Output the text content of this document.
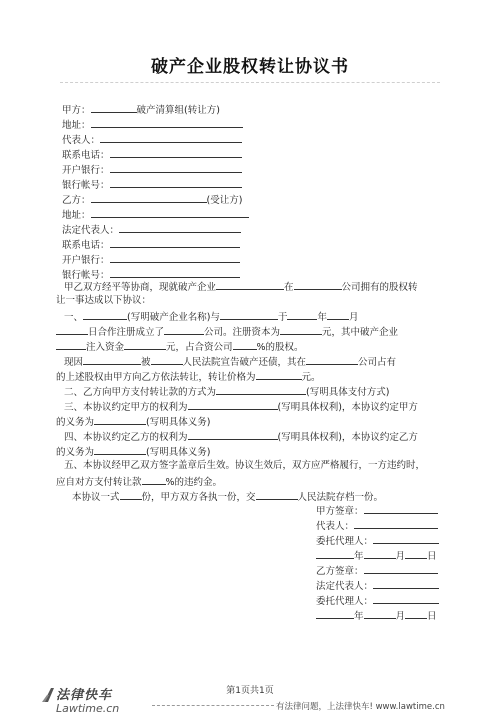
破产企业股权转让协议书
甲方：	破产清算组(转让方)
地址：
代表人：
联系电话：
开户银行：
银行帐号：
乙方：	(受让方)
地址：
法定代表人：
联系电话：
开户银行：
银行帐号：
甲乙双方经平等协商，现就破产企业	在	公司拥有的股权转
让一事达成以下协议：
一、	(写明破产企业名称)与	于	年 月
日合作注册成立了	公司。注册资本为	元，其中破产企业
注入资金	元，占合资公司	%的股权。
现因	被	人民法院宣告破产还债，其在	公司占有
的上述股权由甲方向乙方依法转让，转让价格为	元。
二、乙方向甲方支付转让款的方式为	(写明具体支付方式)
三、本协议约定甲方的权利为	(写明具体权利)，本协议约定甲方
的义务为	(写明具体义务)
四、本协议约定乙方的权利为	(写明具体权利)，本协议约定乙方
的义务为	(写明具体义务)
五、本协议经甲乙双方签字盖章后生效。协议生效后，双方应严格履行，一方违约时，
应自对方支付转让款	%的违约金。
本协议一式 份，甲方双方各执一份，交	人民法院存档一份。
甲方签章：
代表人：
委托代理人：
年	月 日
乙方签章：
法定代表人：
委托代理人：
年	月 日
法律快车
Lawtime.cn
第1页共1页
有法律问题，上法律快车! www.lawtime.cn
